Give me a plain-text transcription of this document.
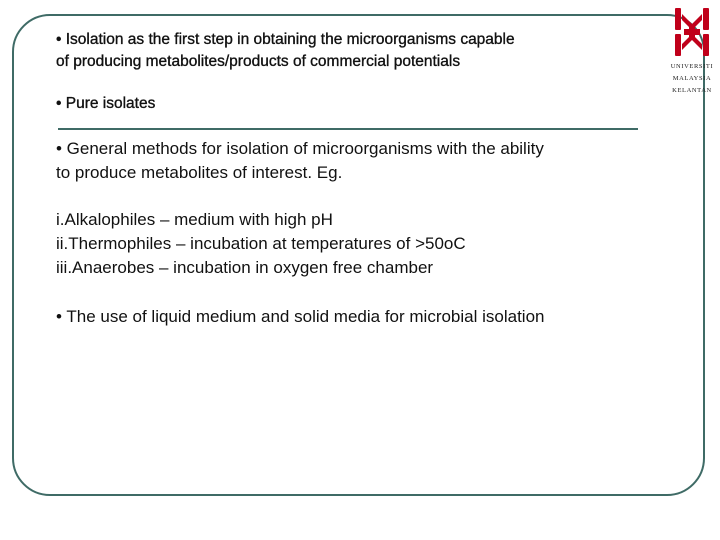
UNIVERSITI
MALAYSIA
KELANTAN

• Isolation as the first step in obtaining the microorganisms capable

of producing metabolites/products of commercial potentials

• Pure isolates

• General methods for isolation of microorganisms with the ability

to produce metabolites of interest. Eg.

i.Alkalophiles – medium with high pH

ii.Thermophiles – incubation at temperatures of >50oC

iii.Anaerobes – incubation in oxygen free chamber

• The use of liquid medium and solid media for microbial isolation
